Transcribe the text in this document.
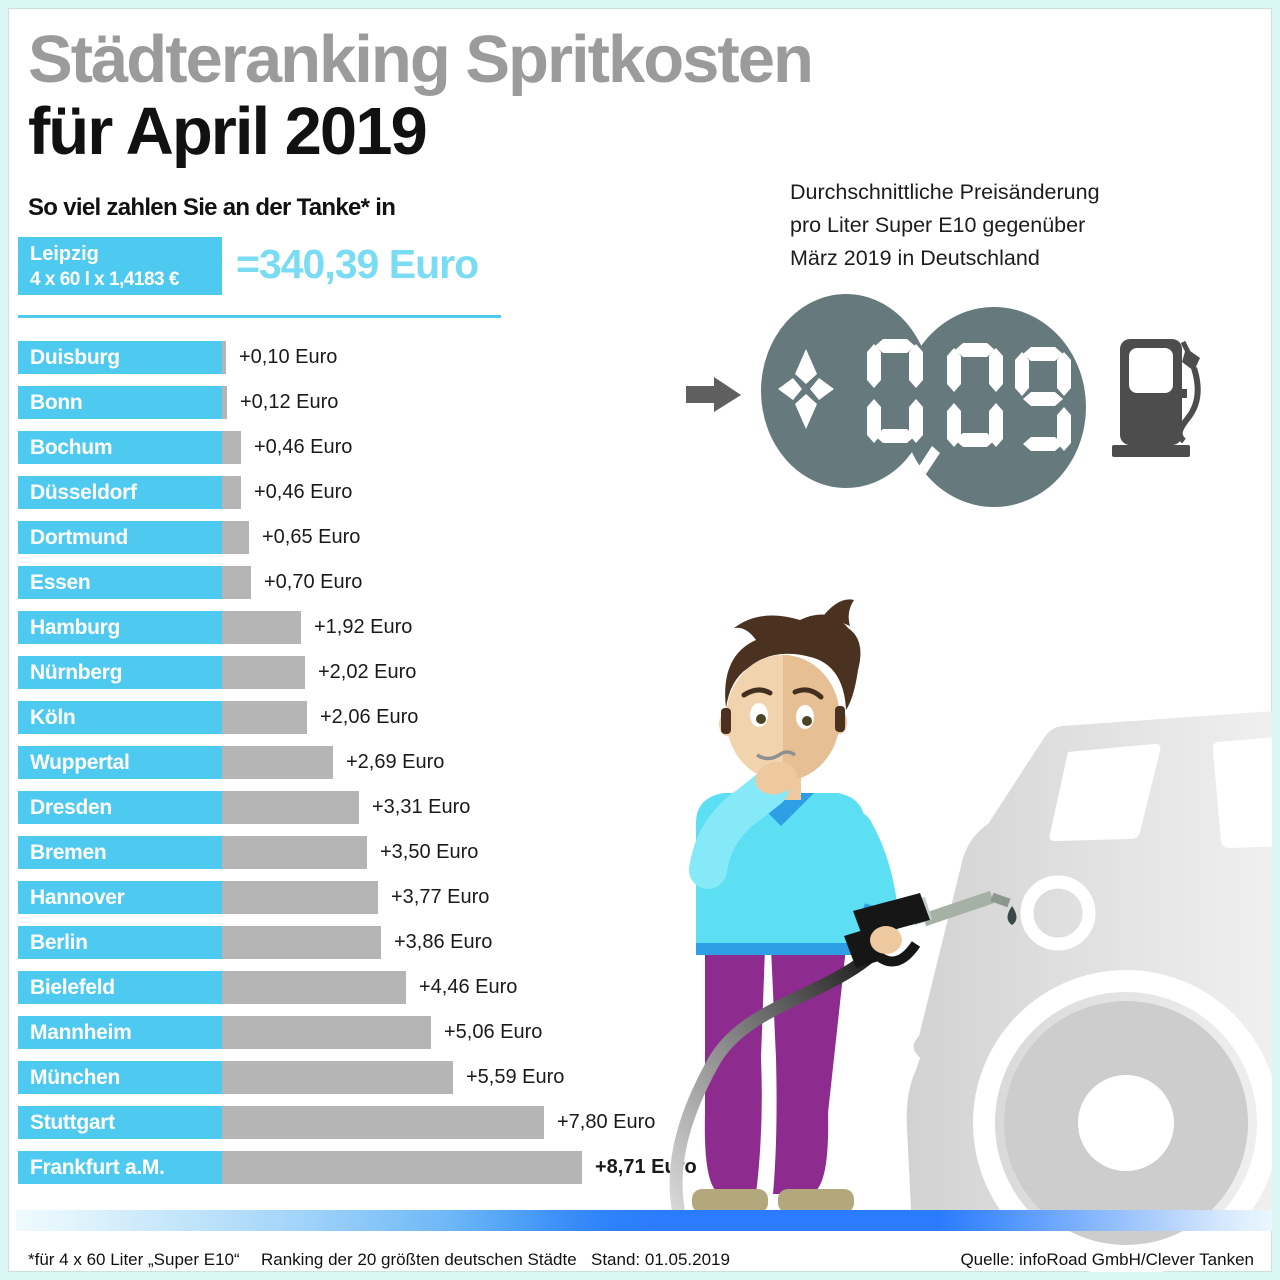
Städteranking Spritkosten
für April 2019
So viel zahlen Sie an der Tanke* in
Leipzig
4 x 60 l x 1,4183 €	=340,39 Euro
Durchschnittliche Preisänderung
pro Liter Super E10 gegenüber
März 2019 in Deutschland
Duisburg	+0,10 Euro
Bonn	+0,12 Euro
Bochum	+0,46 Euro
Düsseldorf	+0,46 Euro
Dortmund	+0,65 Euro
Essen	+0,70 Euro
Hamburg	+1,92 Euro
Nürnberg	+2,02 Euro
Köln	+2,06 Euro
Wuppertal	+2,69 Euro
Dresden	+3,31 Euro
Bremen	+3,50 Euro
Hannover	+3,77 Euro
Berlin	+3,86 Euro
Bielefeld	+4,46 Euro
Mannheim	+5,06 Euro
München	+5,59 Euro
Stuttgart	+7,80 Euro
Frankfurt a.M.	+8,71 Euro
*für 4 x 60 Liter „Super E10“ Ranking der 20 größten deutschen Städte Stand: 01.05.2019	Quelle: infoRoad GmbH/Clever Tanken
